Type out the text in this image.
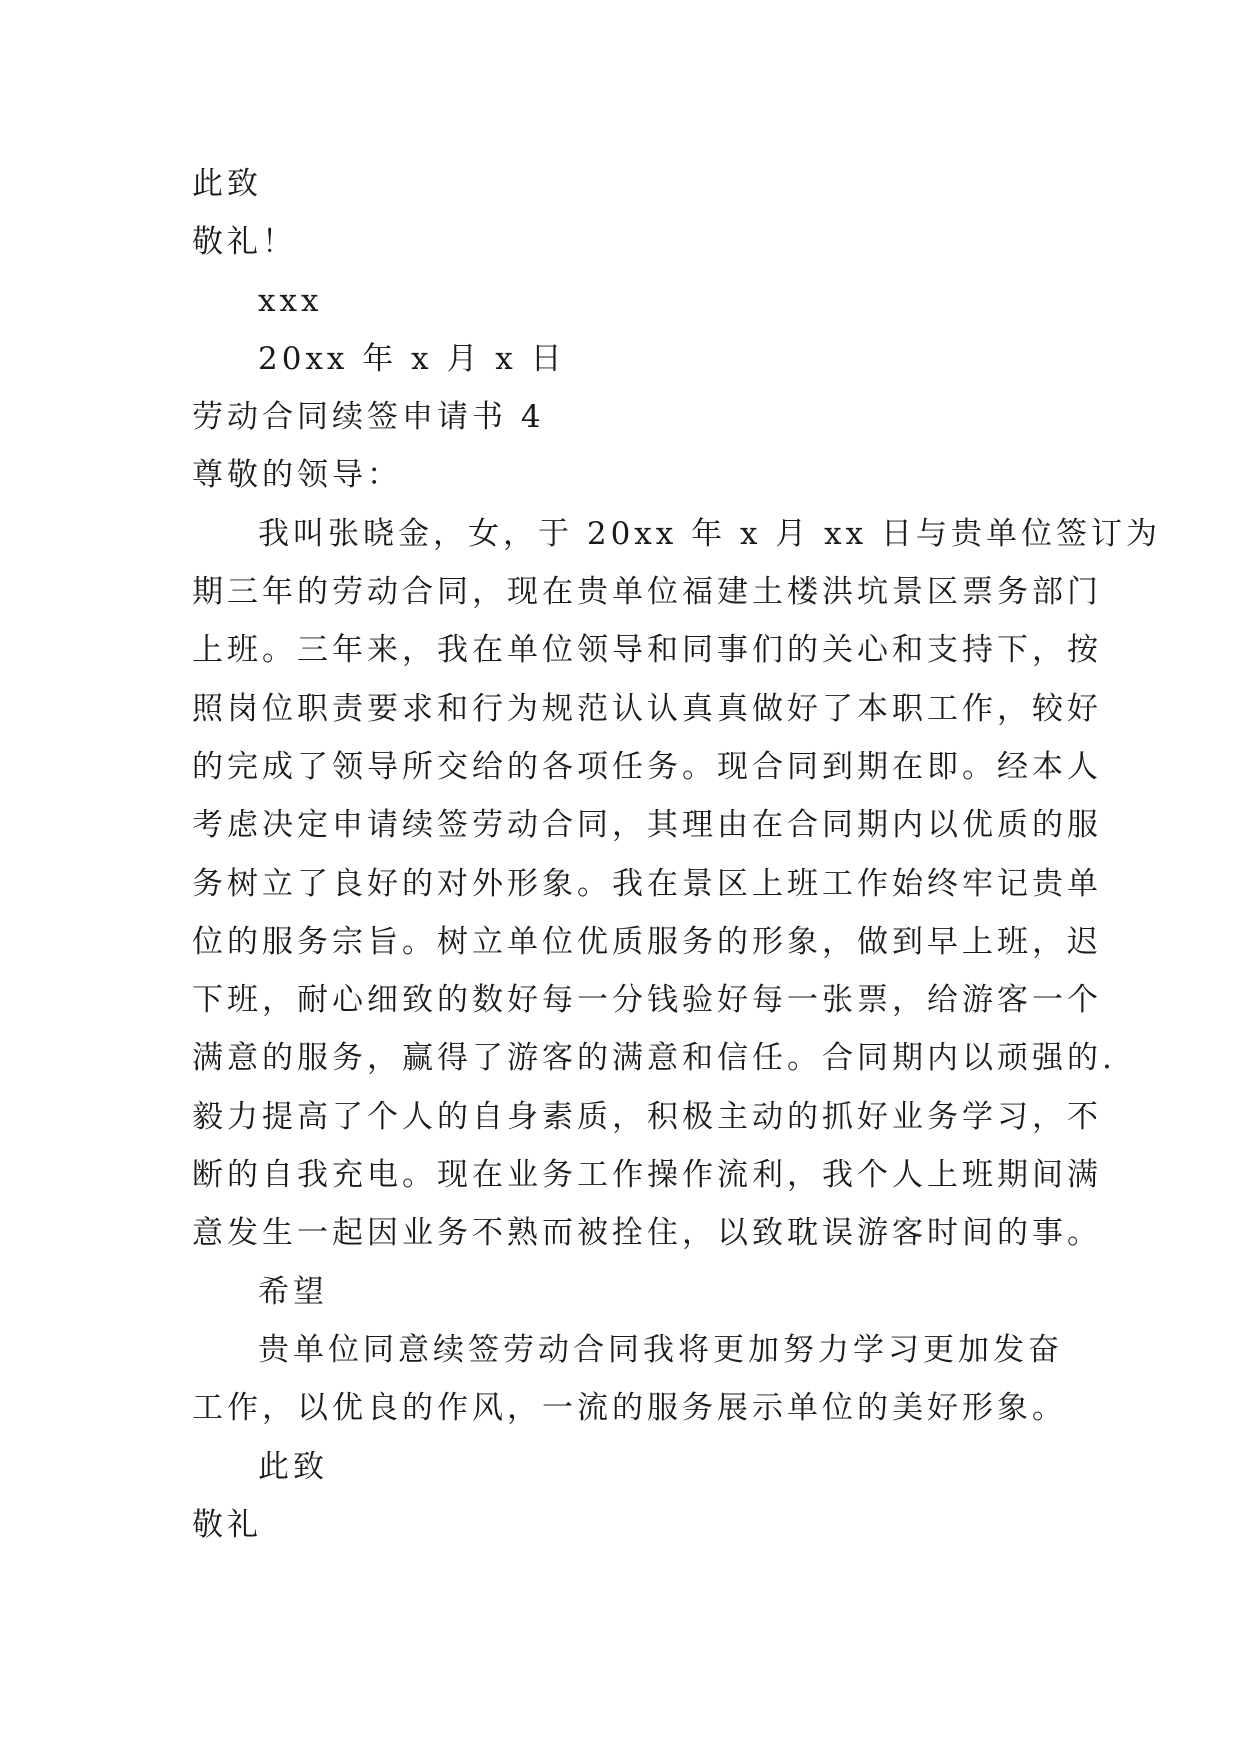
此致
敬礼！
xxx
20xx 年 x 月 x 日
劳动合同续签申请书 4
尊敬的领导：
我叫张晓金，女，于 20xx 年 x 月 xx 日与贵单位签订为
期三年的劳动合同，现在贵单位福建土楼洪坑景区票务部门
上班。三年来，我在单位领导和同事们的关心和支持下，按
照岗位职责要求和行为规范认认真真做好了本职工作，较好
的完成了领导所交给的各项任务。现合同到期在即。经本人
考虑决定申请续签劳动合同，其理由在合同期内以优质的服
务树立了良好的对外形象。我在景区上班工作始终牢记贵单
位的服务宗旨。树立单位优质服务的形象，做到早上班，迟
下班，耐心细致的数好每一分钱验好每一张票，给游客一个
满意的服务，赢得了游客的满意和信任。合同期内以顽强的.
毅力提高了个人的自身素质，积极主动的抓好业务学习，不
断的自我充电。现在业务工作操作流利，我个人上班期间满
意发生一起因业务不熟而被拴住，以致耽误游客时间的事。
希望
贵单位同意续签劳动合同我将更加努力学习更加发奋
工作，以优良的作风，一流的服务展示单位的美好形象。
此致
敬礼
